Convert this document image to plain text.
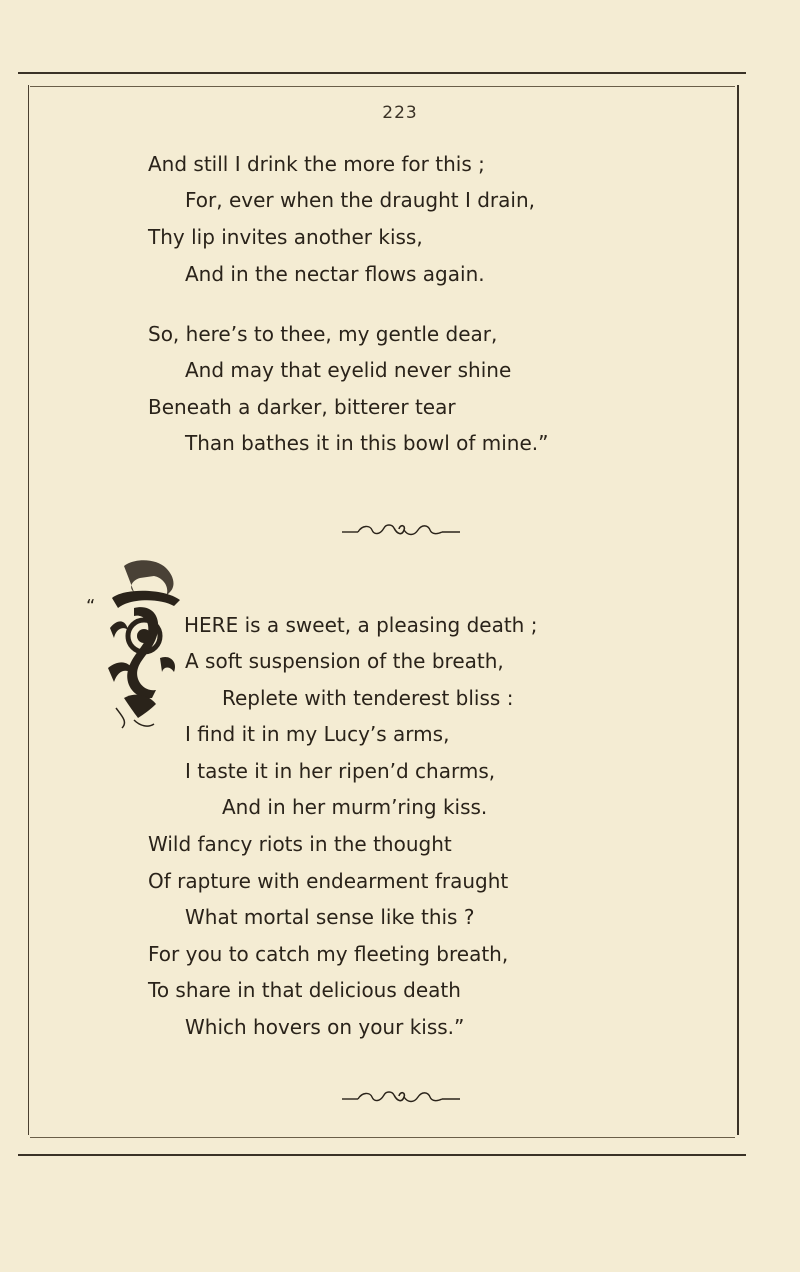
223
And still I drink the more for this ;
For, ever when the draught I drain,
Thy lip invites another kiss,
And in the nectar flows again.
So, here’s to thee, my gentle dear,
And may that eyelid never shine
Beneath a darker, bitterer tear
Than bathes it in this bowl of mine.”
“
HERE is a sweet, a pleasing death ;
A soft suspension of the breath,
Replete with tenderest bliss :
I find it in my Lucy’s arms,
I taste it in her ripen’d charms,
And in her murm’ring kiss.
Wild fancy riots in the thought
Of rapture with endearment fraught
What mortal sense like this ?
For you to catch my fleeting breath,
To share in that delicious death
Which hovers on your kiss.”
